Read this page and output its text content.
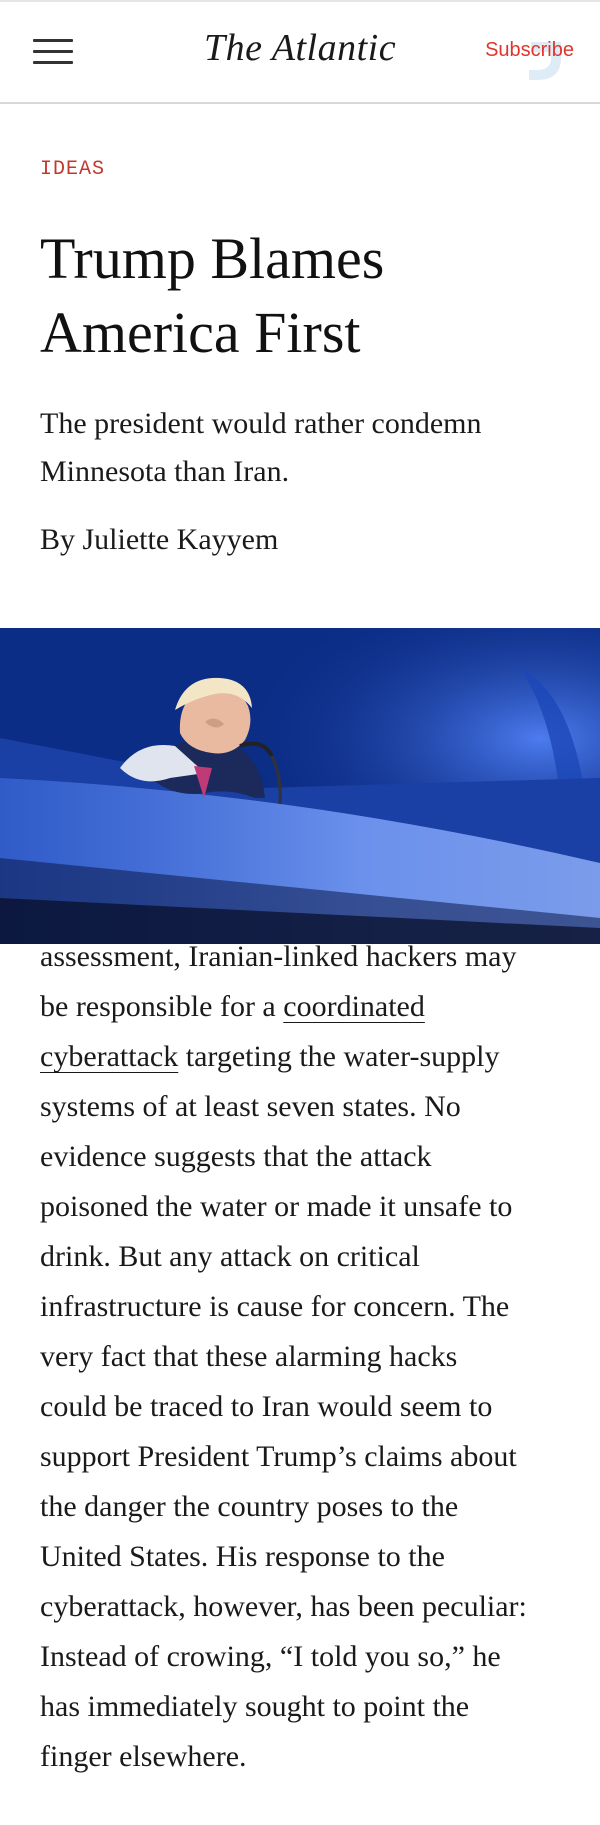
The Atlantic	Subscribe
IDEAS
Trump Blames
America First
The president would rather condemn
Minnesota than Iran.
By Juliette Kayyem
assessment, Iranian-linked hackers may
be responsible for a coordinated
cyberattack targeting the water-supply
systems of at least seven states. No
evidence suggests that the attack
poisoned the water or made it unsafe to
drink. But any attack on critical
infrastructure is cause for concern. The
very fact that these alarming hacks
could be traced to Iran would seem to
support President Trump’s claims about
the danger the country poses to the
United States. His response to the
cyberattack, however, has been peculiar:
Instead of crowing, “I told you so,” he
has immediately sought to point the
finger elsewhere.
